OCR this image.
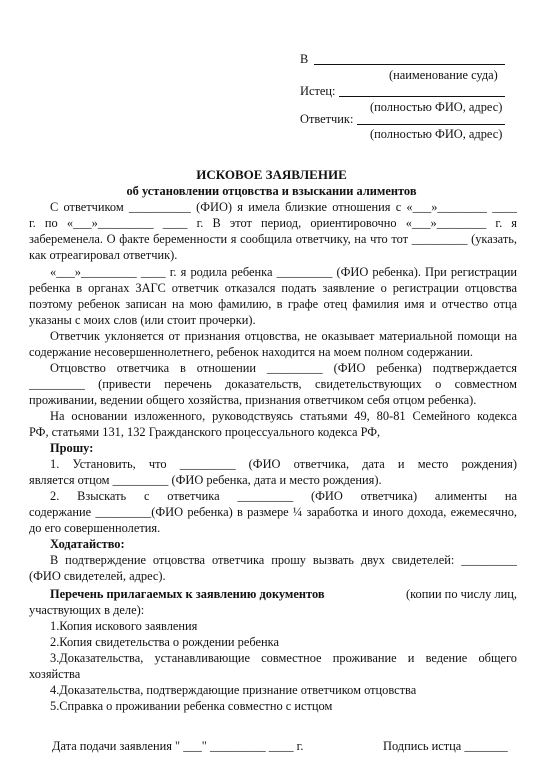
В
(наименование суда)
Истец:
(полностью ФИО, адрес)
Ответчик:
(полностью ФИО, адрес)
ИСКОВОЕ ЗАЯВЛЕНИЕ
об установлении отцовства и взыскании алиментов
С ответчиком __________ (ФИО) я имела близкие отношения с «___»________ ____
г. по «___»_________ ____ г. В этот период, ориентировочно «___»________ г. я
забеременела. О факте беременности я сообщила ответчику, на что тот _________ (указать,
как отреагировал ответчик).
«___»_________ ____ г. я родила ребенка _________ (ФИО ребенка). При регистрации
ребенка в органах ЗАГС ответчик отказался подать заявление о регистрации отцовства
поэтому ребенок записан на мою фамилию, в графе отец фамилия имя и отчество отца
указаны с моих слов (или стоит прочерки).
Ответчик уклоняется от признания отцовства, не оказывает материальной помощи на
содержание несовершеннолетнего, ребенок находится на моем полном содержании.
Отцовство ответчика в отношении _________ (ФИО ребенка) подтверждается
_________ (привести перечень доказательств, свидетельствующих о совместном
проживании, ведении общего хозяйства, признания ответчиком себя отцом ребенка).
На основании изложенного, руководствуясь статьями 49, 80-81 Семейного кодекса
РФ, статьями 131, 132 Гражданского процессуального кодекса РФ,
Прошу:
1. Установить, что _________ (ФИО ответчика, дата и место рождения)
является отцом _________ (ФИО ребенка, дата и место рождения).
2. Взыскать с ответчика _________ (ФИО ответчика) алименты на
содержание _________(ФИО ребенка) в размере ¼ заработка и иного дохода, ежемесячно,
до его совершеннолетия.
Ходатайство:
В подтверждение отцовства ответчика прошу вызвать двух свидетелей: _________
(ФИО свидетелей, адрес).
Перечень прилагаемых к заявлению документов	(копии по числу лиц,
участвующих в деле):
1.Копия искового заявления
2.Копия свидетельства о рождении ребенка
3.Доказательства, устанавливающие совместное проживание и ведение общего
хозяйства
4.Доказательства, подтверждающие признание ответчиком отцовства
5.Справка о проживании ребенка совместно с истцом
Дата подачи заявления " ___" _________ ____ г.	Подпись истца _______
